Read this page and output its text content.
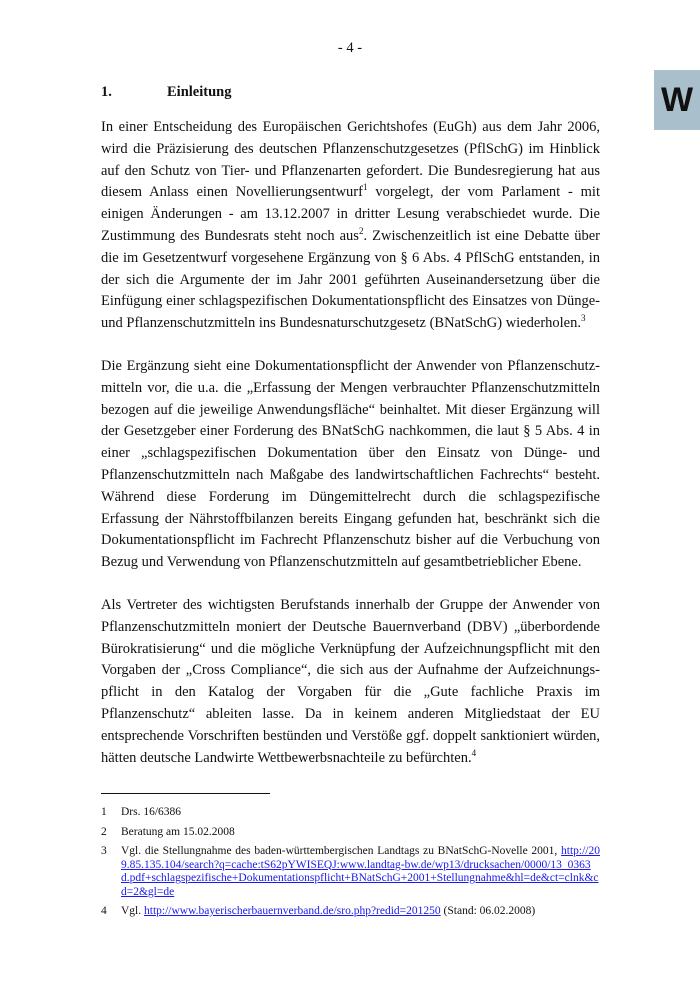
- 4 -
W
1.	Einleitung

In einer Entscheidung des Europäischen Gerichtshofes (EuGh) aus dem Jahr 2006, wird die Präzisierung des deutschen Pflanzenschutzgesetzes (PflSchG) im Hinblick auf den Schutz von Tier- und Pflanzenarten gefordert. Die Bundesregierung hat aus diesem Anlass einen Novellierungsentwurf$^1$ vorgelegt, der vom Parlament - mit einigen Änderungen - am 13.12.2007 in dritter Lesung verabschiedet wurde. Die Zustimmung des Bundesrats steht noch aus$^2$. Zwischenzeitlich ist eine Debatte über die im Gesetzentwurf vorgesehene Ergänzung von § 6 Abs. 4 PflSchG entstanden, in der sich die Argumente der im Jahr 2001 geführten Auseinandersetzung über die Einfügung einer schlagspezifischen Dokumentationspflicht des Einsatzes von Dünge- und Pflanzenschutzmitteln ins Bundesnaturschutzgesetz (BNatSchG) wiederholen.$^3$

Die Ergänzung sieht eine Dokumentationspflicht der Anwender von Pflanzenschutzmitteln vor, die u.a. die „Erfassung der Mengen verbrauchter Pflanzenschutzmitteln bezogen auf die jeweilige Anwendungsfläche“ beinhaltet. Mit dieser Ergänzung will der Gesetzgeber einer Forderung des BNatSchG nachkommen, die laut § 5 Abs. 4 in einer „schlagspezifischen Dokumentation über den Einsatz von Dünge- und Pflanzenschutzmitteln nach Maßgabe des landwirtschaftlichen Fachrechts“ besteht. Während diese Forderung im Düngemittelrecht durch die schlagspezifische Erfassung der Nährstoffbilanzen bereits Eingang gefunden hat, beschränkt sich die Dokumentationspflicht im Fachrecht Pflanzenschutz bisher auf die Verbuchung von Bezug und Verwendung von Pflanzenschutzmitteln auf gesamtbetrieblicher Ebene.

Als Vertreter des wichtigsten Berufstands innerhalb der Gruppe der Anwender von Pflanzenschutzmitteln moniert der Deutsche Bauernverband (DBV) „überbordende Bürokratisierung“ und die mögliche Verknüpfung der Aufzeichnungspflicht mit den Vorgaben der „Cross Compliance“, die sich aus der Aufnahme der Aufzeichnungspflicht in den Katalog der Vorgaben für die „Gute fachliche Praxis im Pflanzenschutz“ ableiten lasse. Da in keinem anderen Mitgliedstaat der EU entsprechende Vorschriften bestünden und Verstöße ggf. doppelt sanktioniert würden, hätten deutsche Landwirte Wettbewerbsnachteile zu befürchten.$^4$

1	Drs. 16/6386
2	Beratung am 15.02.2008
3	Vgl. die Stellungnahme des baden-württembergischen Landtags zu BNatSchG-Novelle 2001, http://209.85.135.104/search?q=cache:tS62pYWISEQJ:www.landtag-bw.de/wp13/drucksachen/0000/13_0363 d.pdf+schlagspezifische+Dokumentationspflicht+BNatSchG+2001+Stellungnahme&hl=de&ct=clnk&cd=2&gl=de
4	Vgl. http://www.bayerischerbauernverband.de/sro.php?redid=201250 (Stand: 06.02.2008)
